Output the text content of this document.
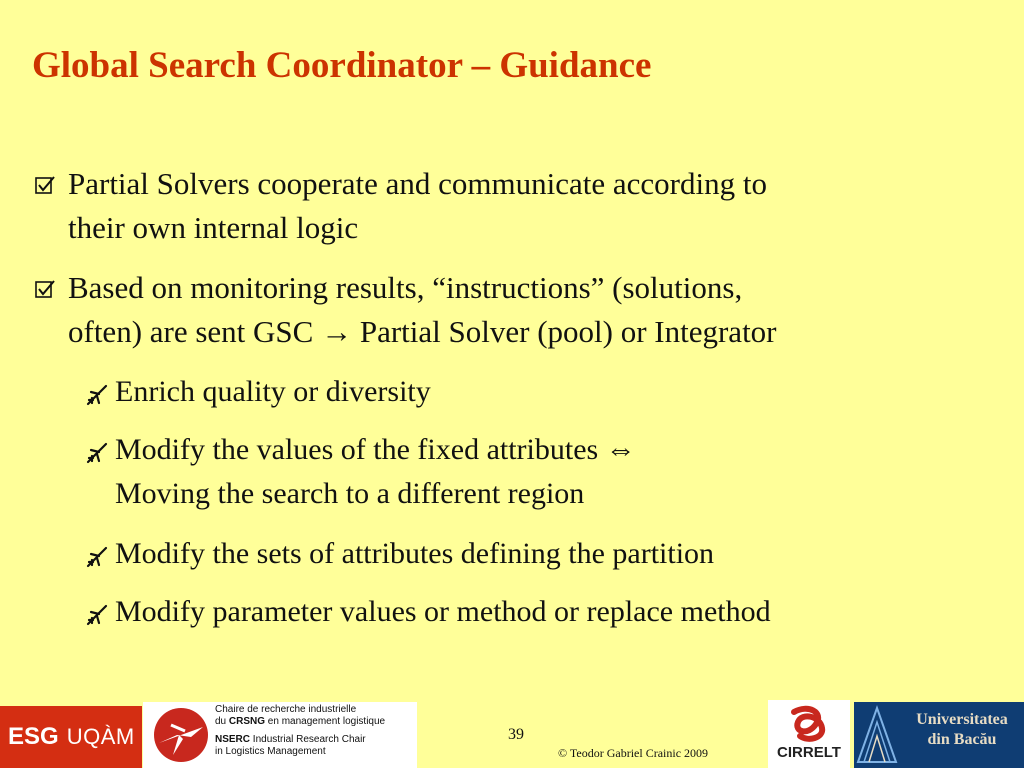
Global Search Coordinator – Guidance
Partial Solvers cooperate and communicate according to
their own internal logic
Based on monitoring results, “instructions” (solutions,
often) are sent GSC → Partial Solver (pool) or Integrator
Enrich quality or diversity
Modify the values of the fixed attributes ⇔
Moving the search to a different region
Modify the sets of attributes defining the partition
Modify parameter values or method or replace method
ESG UQÀM
Chaire de recherche industrielle
du CRSNG en management logistique
NSERC Industrial Research Chair
in Logistics Management
39
© Teodor Gabriel Crainic 2009	CIRRELT
Universitatea
din Bacău
